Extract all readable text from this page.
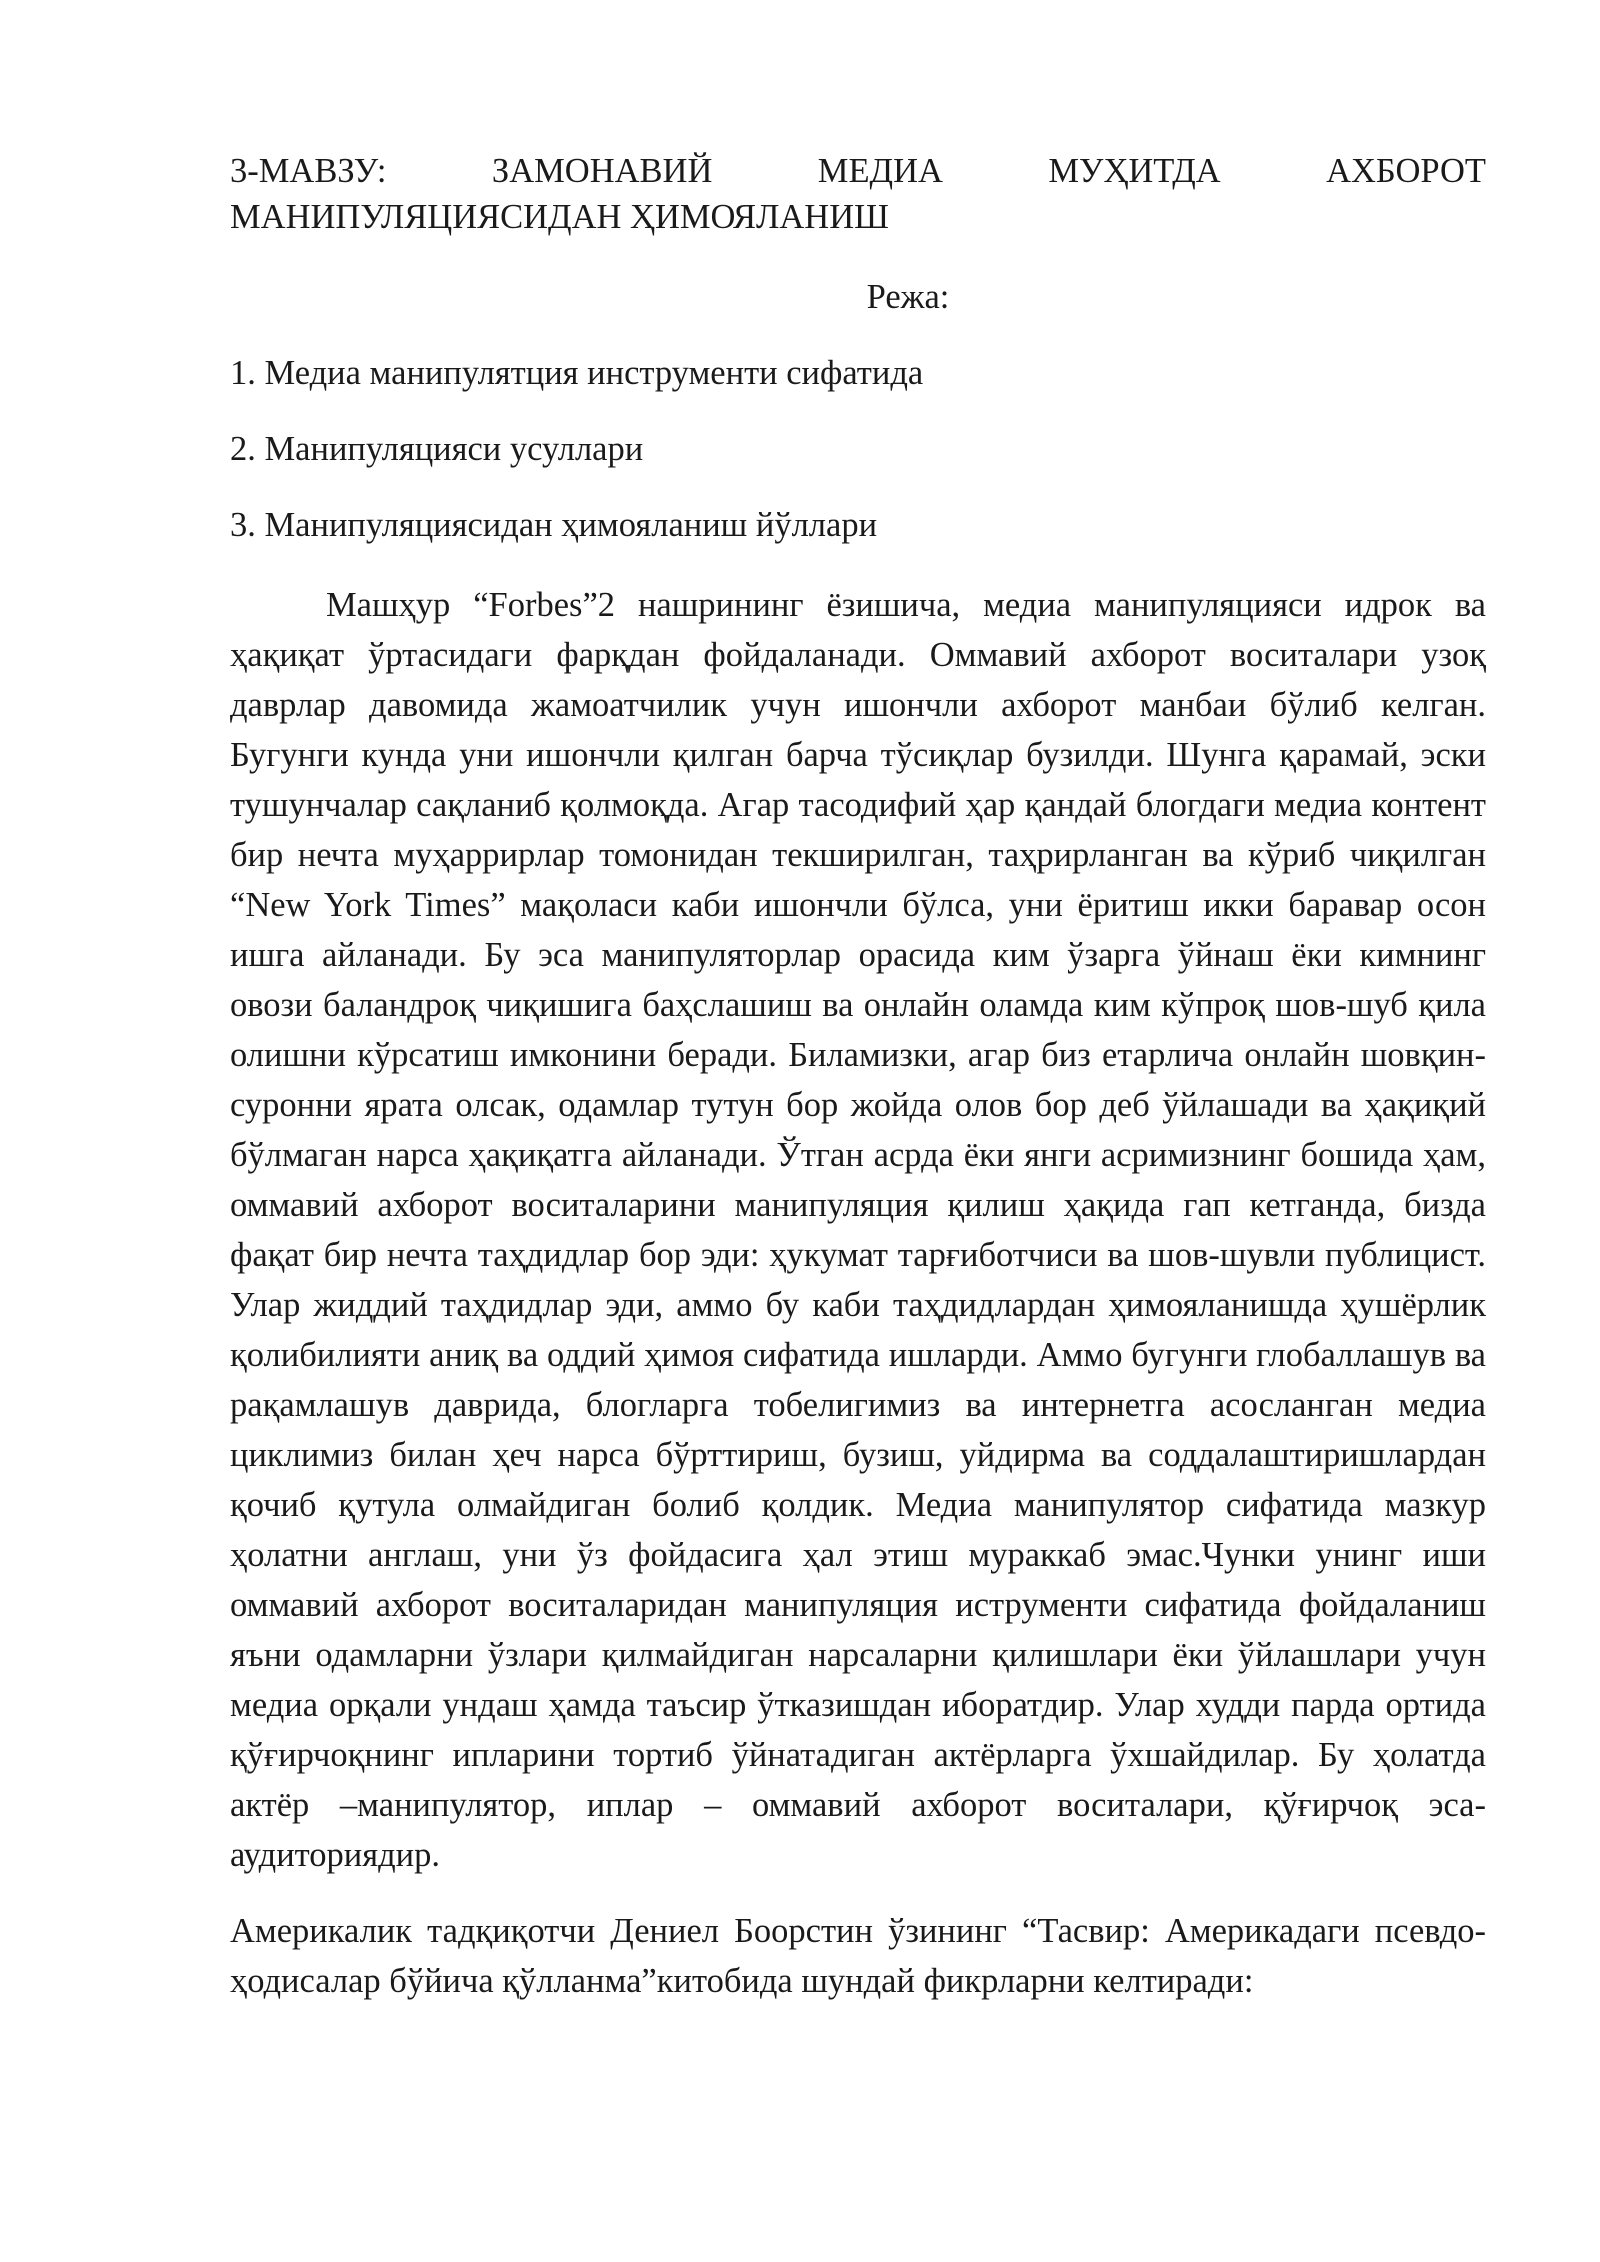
3-МАВЗУ: ЗАМОНАВИЙ МЕДИА МУҲИТДА АХБОРОТ МАНИПУЛЯЦИЯСИДАН ҲИМОЯЛАНИШ

Режа:

1. Медиа манипулятция инструменти сифатида
2. Манипуляцияси усуллари
3. Манипуляциясидан ҳимояланиш йўллари

Машҳур “Forbes”2 нашрининг ёзишича, медиа манипуляцияси идрок ва ҳақиқат ўртасидаги фарқдан фойдаланади. Оммавий ахборот воситалари узоқ даврлар давомида жамоатчилик учун ишончли ахборот манбаи бўлиб келган. Бугунги кунда уни ишончли қилган барча тўсиқлар бузилди. Шунга қарамай, эски тушунчалар сақланиб қолмоқда. Агар тасодифий ҳар қандай блогдаги медиа контент бир нечта муҳаррирлар томонидан текширилган, таҳрирланган ва кўриб чиқилган “New York Times” мақоласи каби ишончли бўлса, уни ёритиш икки баравар осон ишга айланади. Бу эса манипуляторлар орасида ким ўзарга ўйнаш ёки кимнинг овози баландроқ чиқишига баҳслашиш ва онлайн оламда ким кўпроқ шов-шуб қила олишни кўрсатиш имконини беради. Биламизки, агар биз етарлича онлайн шовқин-суронни ярата олсак, одамлар тутун бор жойда олов бор деб ўйлашади ва ҳақиқий бўлмаган нарса ҳақиқатга айланади. Ўтган асрда ёки янги асримизнинг бошида ҳам, оммавий ахборот воситаларини манипуляция қилиш ҳақида гап кетганда, бизда фақат бир нечта таҳдидлар бор эди: ҳукумат тарғиботчиси ва шов-шувли публицист. Улар жиддий таҳдидлар эди, аммо бу каби таҳдидлардан ҳимояланишда ҳушёрлик қолибилияти аниқ ва оддий ҳимоя сифатида ишларди. Аммо бугунги глобаллашув ва рақамлашув даврида, блогларга тобелигимиз ва интернетга асосланган медиа циклимиз билан ҳеч нарса бўрттириш, бузиш, уйдирма ва соддалаштиришлардан қочиб қутула олмайдиган болиб қолдик. Медиа манипулятор сифатида мазкур ҳолатни англаш, уни ўз фойдасига ҳал этиш мураккаб эмас.Чунки унинг иши оммавий ахборот воситаларидан манипуляция иструменти сифатида фойдаланиш яъни одамларни ўзлари қилмайдиган нарсаларни қилишлари ёки ўйлашлари учун медиа орқали ундаш ҳамда таъсир ўтказишдан иборатдир. Улар худди парда ортида қўғирчоқнинг ипларини тортиб ўйнатадиган актёрларга ўхшайдилар. Бу ҳолатда актёр –манипулятор, иплар – оммавий ахборот воситалари, қўғирчоқ эса- аудиториядир.

Америкалик тадқиқотчи Дениел Боорстин ўзининг “Тасвир: Америкадаги псевдо-ҳодисалар бўйича қўлланма”китобида шундай фикрларни келтиради:
